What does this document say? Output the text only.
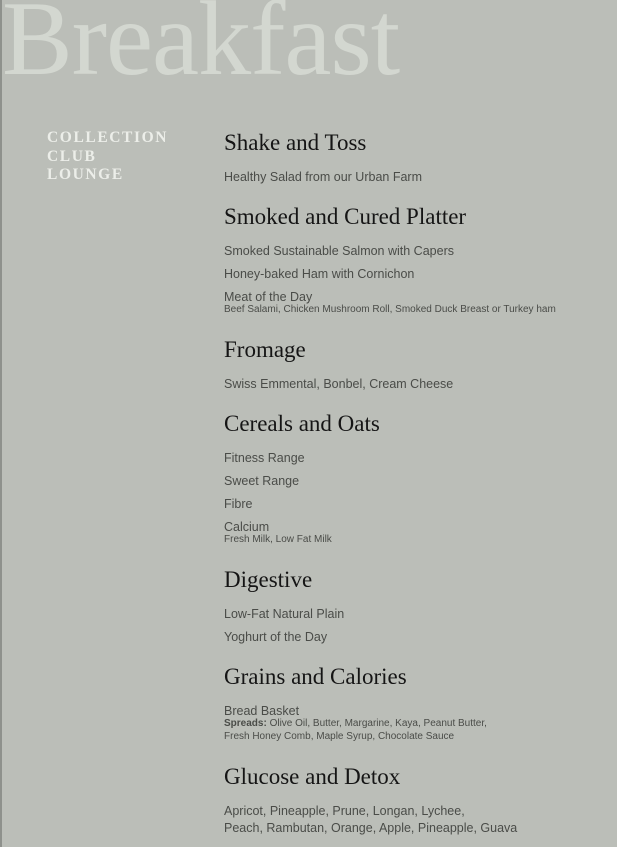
Breakfast
COLLECTION
CLUB
LOUNGE
Shake and Toss
Healthy Salad from our Urban Farm
Smoked and Cured Platter
Smoked Sustainable Salmon with Capers
Honey-baked Ham with Cornichon
Meat of the Day
Beef Salami, Chicken Mushroom Roll, Smoked Duck Breast or Turkey ham
Fromage
Swiss Emmental, Bonbel, Cream Cheese
Cereals and Oats
Fitness Range
Sweet Range
Fibre
Calcium
Fresh Milk, Low Fat Milk
Digestive
Low-Fat Natural Plain
Yoghurt of the Day
Grains and Calories
Bread Basket
Spreads: Olive Oil, Butter, Margarine, Kaya, Peanut Butter,
Fresh Honey Comb, Maple Syrup, Chocolate Sauce
Glucose and Detox
Apricot, Pineapple, Prune, Longan, Lychee,
Peach, Rambutan, Orange, Apple, Pineapple, Guava
